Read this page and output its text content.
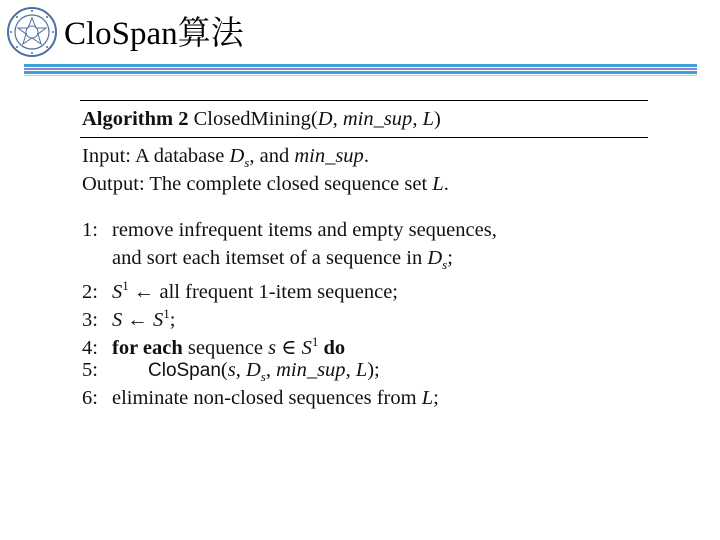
CloSpan算法
Algorithm 2 ClosedMining(D, min_sup, L)
Input: A database $D_s$, and min_sup.
Output: The complete closed sequence set L.
1: remove infrequent items and empty sequences,
and sort each itemset of a sequence in $D_s$;
2: $S^1$ ← all frequent 1-item sequence;
3: S ← $S^1$;
4: for each sequence s ∈ $S^1$ do
5:	CloSpan(s, $D_s$, min_sup, L);
6: eliminate non-closed sequences from L;
